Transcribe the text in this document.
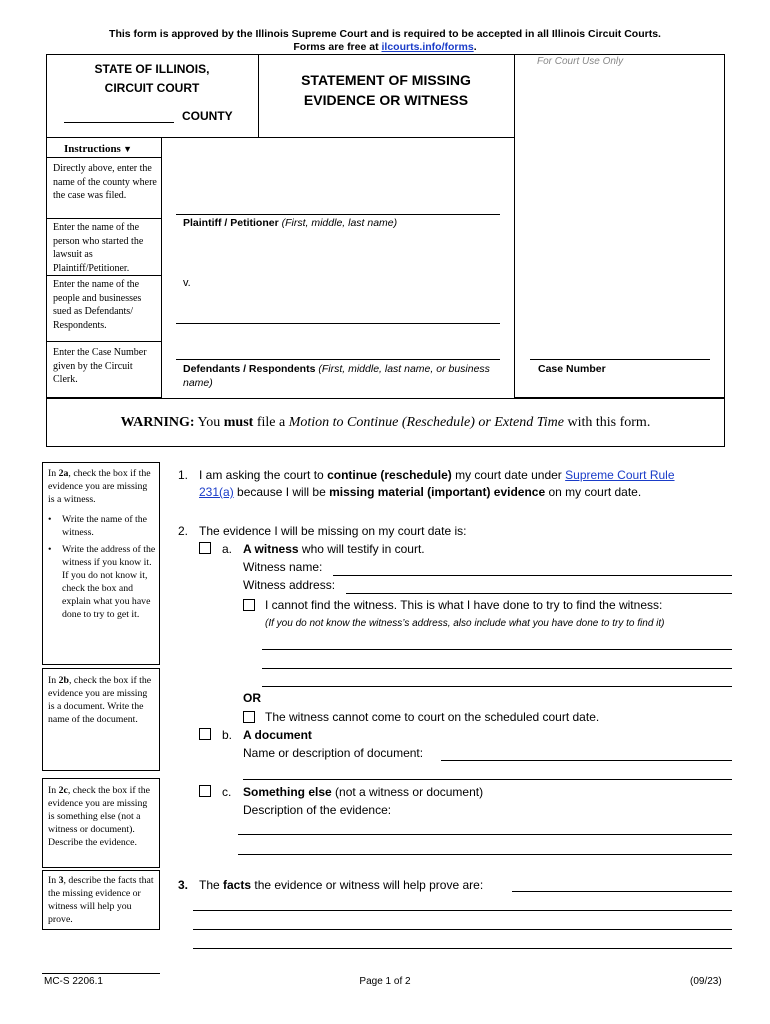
This form is approved by the Illinois Supreme Court and is required to be accepted in all Illinois Circuit Courts.
Forms are free at ilcourts.info/forms.
For Court Use Only
STATE OF ILLINOIS,
CIRCUIT COURT
COUNTY
STATEMENT OF MISSING
EVIDENCE OR WITNESS
Instructions ▼
Directly above, enter the name of the county where the case was filed.
Enter the name of the person who started the lawsuit as Plaintiff/Petitioner.
Enter the name of the people and businesses sued as Defendants/ Respondents.
Enter the Case Number given by the Circuit Clerk.
Plaintiff / Petitioner (First, middle, last name)
v.
Defendants / Respondents (First, middle, last name, or business name)
Case Number
WARNING: You must file a Motion to Continue (Reschedule) or Extend Time with this form.
In 2a, check the box if the evidence you are missing is a witness.
•	Write the name of the witness.
•	Write the address of the witness if you know it. If you do not know it, check the box and explain what you have done to try to get it.
In 2b, check the box if the evidence you are missing is a document. Write the name of the document.
In 2c, check the box if the evidence you are missing is something else (not a witness or document). Describe the evidence.
In 3, describe the facts that the missing evidence or witness will help you prove.
1. I am asking the court to continue (reschedule) my court date under Supreme Court Rule
231(a) because I will be missing material (important) evidence on my court date.
2. The evidence I will be missing on my court date is:
a. A witness who will testify in court.
Witness name:
Witness address:
I cannot find the witness. This is what I have done to try to find the witness:
(If you do not know the witness’s address, also include what you have done to try to find it)
OR
The witness cannot come to court on the scheduled court date.
b. A document
Name or description of document:
c. Something else (not a witness or document)
Description of the evidence:
3. The facts the evidence or witness will help prove are:
MC-S 2206.1	Page 1 of 2	(09/23)
